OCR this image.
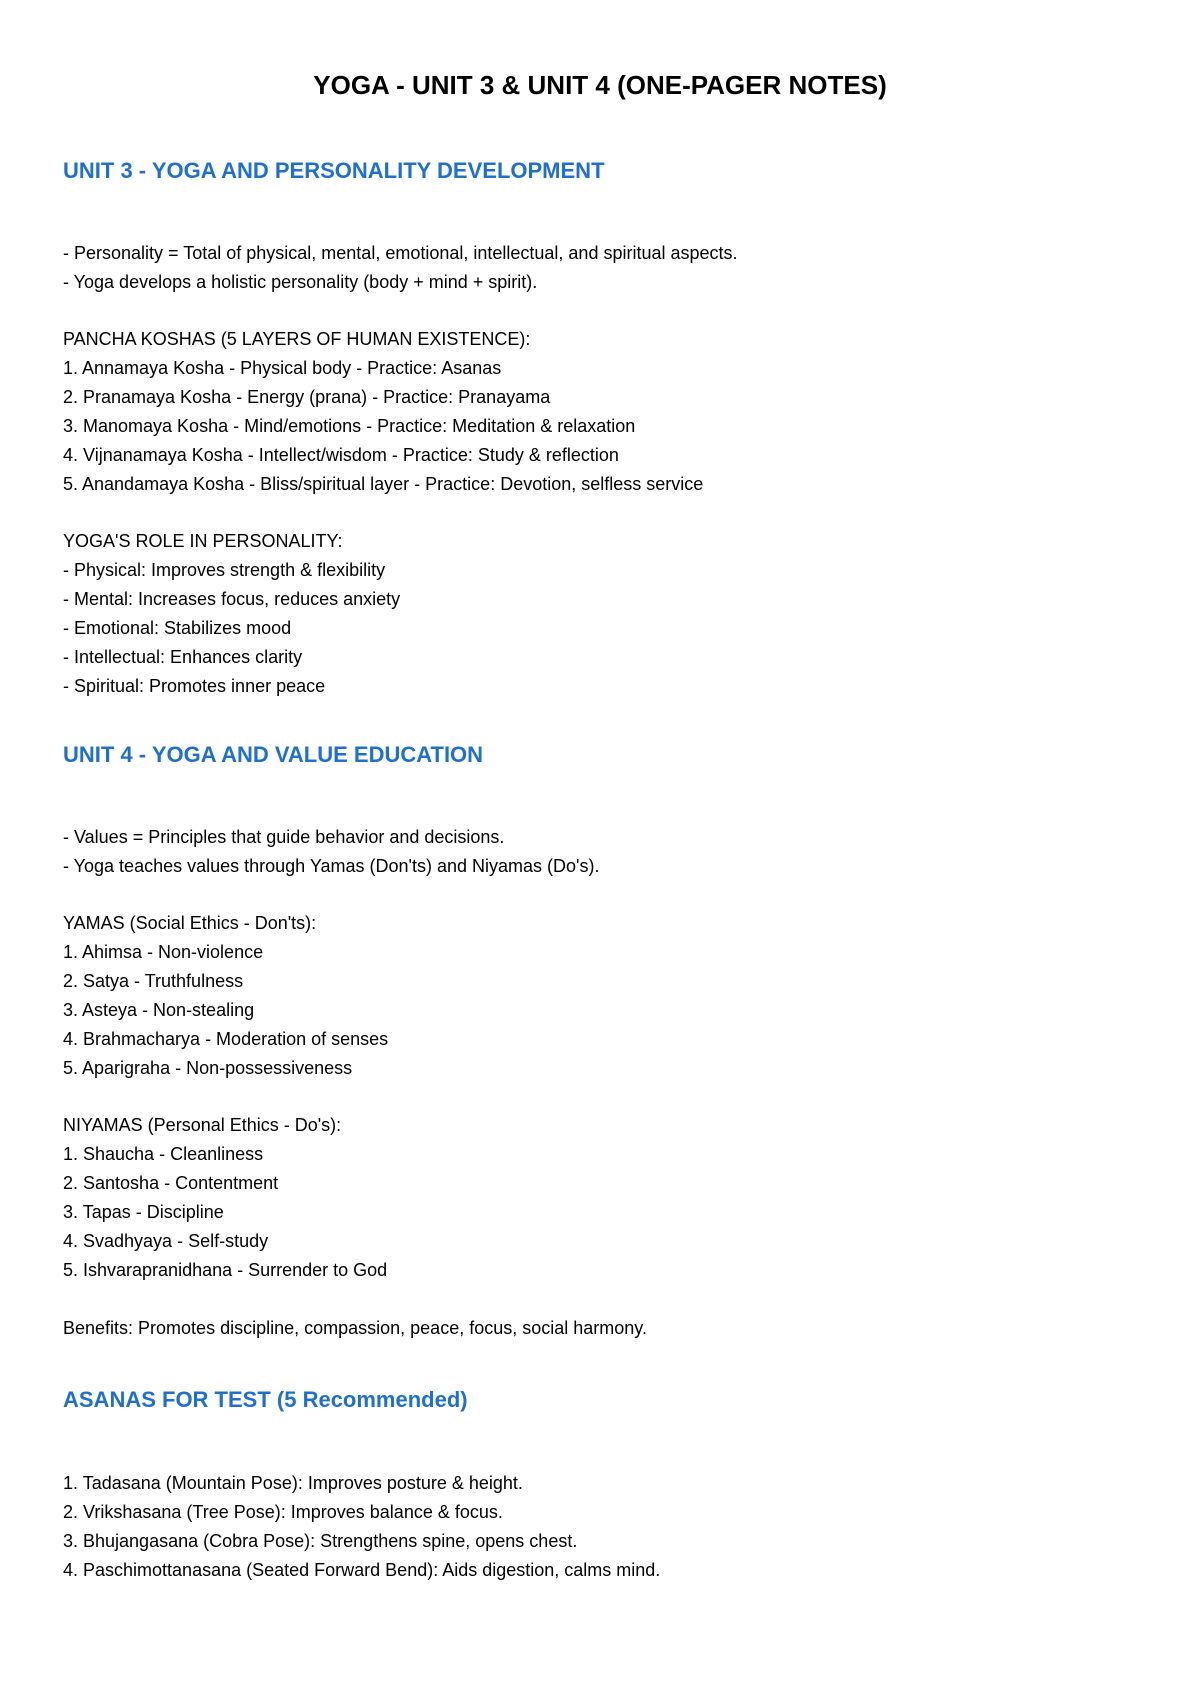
YOGA - UNIT 3 & UNIT 4 (ONE-PAGER NOTES)
UNIT 3 - YOGA AND PERSONALITY DEVELOPMENT

- Personality = Total of physical, mental, emotional, intellectual, and spiritual aspects.

- Yoga develops a holistic personality (body + mind + spirit).

PANCHA KOSHAS (5 LAYERS OF HUMAN EXISTENCE):

1. Annamaya Kosha - Physical body - Practice: Asanas

2. Pranamaya Kosha - Energy (prana) - Practice: Pranayama

3. Manomaya Kosha - Mind/emotions - Practice: Meditation & relaxation

4. Vijnanamaya Kosha - Intellect/wisdom - Practice: Study & reflection

5. Anandamaya Kosha - Bliss/spiritual layer - Practice: Devotion, selfless service

YOGA'S ROLE IN PERSONALITY:

- Physical: Improves strength & flexibility

- Mental: Increases focus, reduces anxiety

- Emotional: Stabilizes mood

- Intellectual: Enhances clarity

- Spiritual: Promotes inner peace

UNIT 4 - YOGA AND VALUE EDUCATION

- Values = Principles that guide behavior and decisions.

- Yoga teaches values through Yamas (Don'ts) and Niyamas (Do's).

YAMAS (Social Ethics - Don'ts):

1. Ahimsa - Non-violence

2. Satya - Truthfulness

3. Asteya - Non-stealing

4. Brahmacharya - Moderation of senses

5. Aparigraha - Non-possessiveness

NIYAMAS (Personal Ethics - Do's):

1. Shaucha - Cleanliness

2. Santosha - Contentment

3. Tapas - Discipline

4. Svadhyaya - Self-study

5. Ishvarapranidhana - Surrender to God

Benefits: Promotes discipline, compassion, peace, focus, social harmony.

ASANAS FOR TEST (5 Recommended)

1. Tadasana (Mountain Pose): Improves posture & height.

2. Vrikshasana (Tree Pose): Improves balance & focus.

3. Bhujangasana (Cobra Pose): Strengthens spine, opens chest.

4. Paschimottanasana (Seated Forward Bend): Aids digestion, calms mind.
